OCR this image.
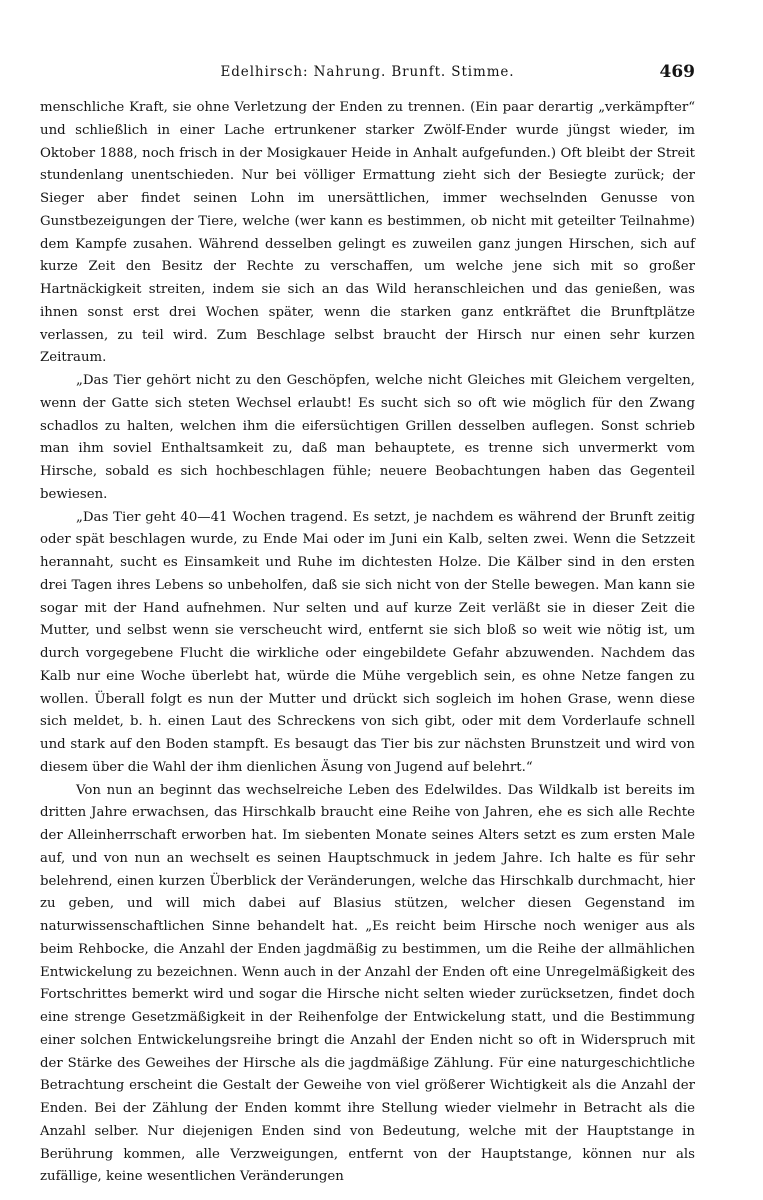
Edelhirsch: Nahrung. Brunft. Stimme.	469

menschliche Kraft, sie ohne Verletzung der Enden zu trennen. (Ein paar derartig „verkämpfter“ und schließlich in einer Lache ertrunkener starker Zwölf-Ender wurde jüngst wieder, im Oktober 1888, noch frisch in der Mosigkauer Heide in Anhalt aufgefunden.) Oft bleibt der Streit stundenlang unentschieden. Nur bei völliger Ermattung zieht sich der Besiegte zurück; der Sieger aber findet seinen Lohn im unersättlichen, immer wechselnden Genusse von Gunstbezeigungen der Tiere, welche (wer kann es bestimmen, ob nicht mit geteilter Teilnahme) dem Kampfe zusahen. Während desselben gelingt es zuweilen ganz jungen Hirschen, sich auf kurze Zeit den Besitz der Rechte zu verschaffen, um welche jene sich mit so großer Hartnäckigkeit streiten, indem sie sich an das Wild heranschleichen und das genießen, was ihnen sonst erst drei Wochen später, wenn die starken ganz entkräftet die Brunftplätze verlassen, zu teil wird. Zum Beschlage selbst braucht der Hirsch nur einen sehr kurzen Zeitraum.

„Das Tier gehört nicht zu den Geschöpfen, welche nicht Gleiches mit Gleichem vergelten, wenn der Gatte sich steten Wechsel erlaubt! Es sucht sich so oft wie möglich für den Zwang schadlos zu halten, welchen ihm die eifersüchtigen Grillen desselben auflegen. Sonst schrieb man ihm soviel Enthaltsamkeit zu, daß man behauptete, es trenne sich unvermerkt vom Hirsche, sobald es sich hochbeschlagen fühle; neuere Beobachtungen haben das Gegenteil bewiesen.

„Das Tier geht 40—41 Wochen tragend. Es setzt, je nachdem es während der Brunft zeitig oder spät beschlagen wurde, zu Ende Mai oder im Juni ein Kalb, selten zwei. Wenn die Setzzeit herannaht, sucht es Einsamkeit und Ruhe im dichtesten Holze. Die Kälber sind in den ersten drei Tagen ihres Lebens so unbeholfen, daß sie sich nicht von der Stelle bewegen. Man kann sie sogar mit der Hand aufnehmen. Nur selten und auf kurze Zeit verläßt sie in dieser Zeit die Mutter, und selbst wenn sie verscheucht wird, entfernt sie sich bloß so weit wie nötig ist, um durch vorgegebene Flucht die wirkliche oder eingebildete Gefahr abzuwenden. Nachdem das Kalb nur eine Woche überlebt hat, würde die Mühe vergeblich sein, es ohne Netze fangen zu wollen. Überall folgt es nun der Mutter und drückt sich sogleich im hohen Grase, wenn diese sich meldet, b. h. einen Laut des Schreckens von sich gibt, oder mit dem Vorderlaufe schnell und stark auf den Boden stampft. Es besaugt das Tier bis zur nächsten Brunstzeit und wird von diesem über die Wahl der ihm dienlichen Äsung von Jugend auf belehrt.“

Von nun an beginnt das wechselreiche Leben des Edelwildes. Das Wildkalb ist bereits im dritten Jahre erwachsen, das Hirschkalb braucht eine Reihe von Jahren, ehe es sich alle Rechte der Alleinherrschaft erworben hat. Im siebenten Monate seines Alters setzt es zum ersten Male auf, und von nun an wechselt es seinen Hauptschmuck in jedem Jahre. Ich halte es für sehr belehrend, einen kurzen Überblick der Veränderungen, welche das Hirschkalb durchmacht, hier zu geben, und will mich dabei auf Blasius stützen, welcher diesen Gegenstand im naturwissenschaftlichen Sinne behandelt hat. „Es reicht beim Hirsche noch weniger aus als beim Rehbocke, die Anzahl der Enden jagdmäßig zu bestimmen, um die Reihe der allmählichen Entwickelung zu bezeichnen. Wenn auch in der Anzahl der Enden oft eine Unregelmäßigkeit des Fortschrittes bemerkt wird und sogar die Hirsche nicht selten wieder zurücksetzen, findet doch eine strenge Gesetzmäßigkeit in der Reihenfolge der Entwickelung statt, und die Bestimmung einer solchen Entwickelungsreihe bringt die Anzahl der Enden nicht so oft in Widerspruch mit der Stärke des Geweihes der Hirsche als die jagdmäßige Zählung. Für eine naturgeschichtliche Betrachtung erscheint die Gestalt der Geweihe von viel größerer Wichtigkeit als die Anzahl der Enden. Bei der Zählung der Enden kommt ihre Stellung wieder vielmehr in Betracht als die Anzahl selber. Nur diejenigen Enden sind von Bedeutung, welche mit der Hauptstange in Berührung kommen, alle Verzweigungen, entfernt von der Hauptstange, können nur als zufällige, keine wesentlichen Veränderungen
